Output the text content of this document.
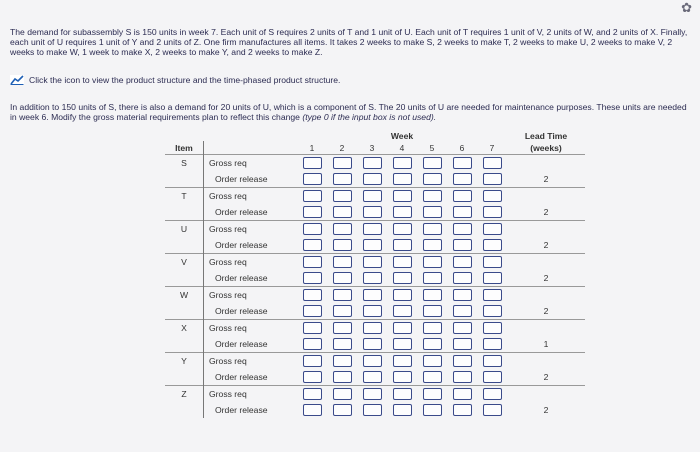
✿
The demand for subassembly S is 150 units in week 7. Each unit of S requires 2 units of T and 1 unit of U. Each unit of T requires 1 unit of V, 2 units of W, and 2 units of X. Finally, each unit of U requires 1 unit of Y and 2 units of Z. One firm manufactures all items. It takes 2 weeks to make S, 2 weeks to make T, 2 weeks to make U, 2 weeks to make V, 2 weeks to make W, 1 week to make X, 2 weeks to make Y, and 2 weeks to make Z.
Click the icon to view the product structure and the time-phased product structure.
In addition to 150 units of S, there is also a demand for 20 units of U, which is a component of S. The 20 units of U are needed for maintenance purposes. These units are needed in week 6. Modify the gross material requirements plan to reflect this change (type 0 if the input box is not used).
		Week							Lead Time
Item		1	2	3	4	5	6	7	(weeks)
S	Gross req								
	Order release								2
T	Gross req								
	Order release								2
U	Gross req								
	Order release								2
V	Gross req								
	Order release								2
W	Gross req								
	Order release								2
X	Gross req								
	Order release								1
Y	Gross req								
	Order release								2
Z	Gross req								
	Order release								2
